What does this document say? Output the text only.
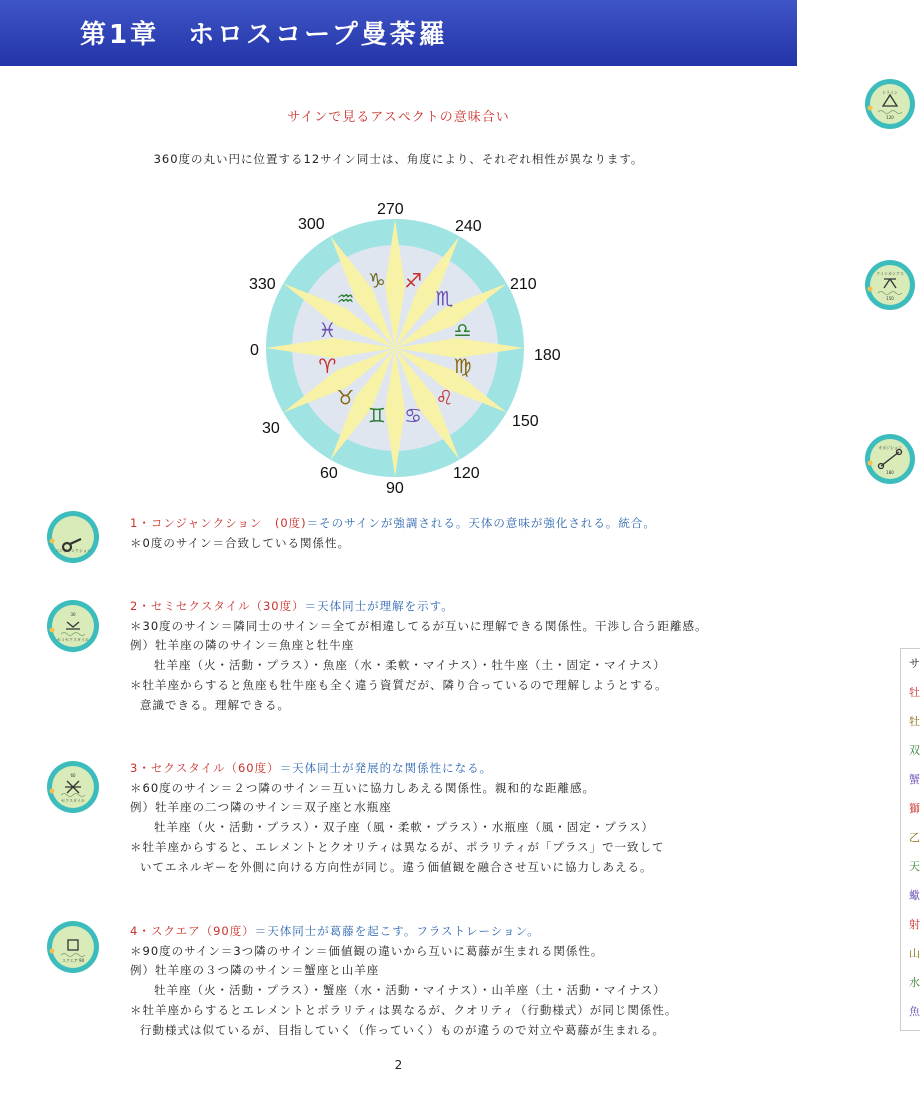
第1章　ホロスコープ曼荼羅
サインで見るアスペクトの意味合い
360度の丸い円に位置する12サイン同士は、角度により、それぞれ相性が異なります。
♑ ♐
♏
♎
♍
♌
♋
♊
♉
♈
♓
♒
270
240
210
180
150
120
90
60
30
0
330
300
コンジャンクション
1・コンジャンクション　(0度)＝そのサインが強調される。天体の意味が強化される。統合。
＊0度のサイン＝合致している関係性。
30
セミセクスタイル
2・セミセクスタイル（30度）＝天体同士が理解を示す。
＊30度のサイン＝隣同士のサイン＝全てが相違してるが互いに理解できる関係性。干渉し合う距離感。
例）牡羊座の隣のサイン＝魚座と牡牛座
牡羊座（火・活動・プラス）・魚座（水・柔軟・マイナス）・牡牛座（土・固定・マイナス）
＊牡羊座からすると魚座も牡牛座も全く違う資質だが、隣り合っているので理解しようとする。
意識できる。理解できる。
60
セクスタイル
3・セクスタイル（60度）＝天体同士が発展的な関係性になる。
＊60度のサイン＝２つ隣のサイン＝互いに協力しあえる関係性。親和的な距離感。
例）牡羊座の二つ隣のサイン＝双子座と水瓶座
牡羊座（火・活動・プラス）・双子座（風・柔軟・プラス）・水瓶座（風・固定・プラス）
＊牡羊座からすると、エレメントとクオリティは異なるが、ポラリティが「プラス」で一致して
いてエネルギーを外側に向ける方向性が同じ。違う価値観を融合させ互いに協力しあえる。
スクエア 90
4・スクエア（90度）＝天体同士が葛藤を起こす。フラストレーション。
＊90度のサイン＝3つ隣のサイン＝価値観の違いから互いに葛藤が生まれる関係性。
例）牡羊座の３つ隣のサイン＝蟹座と山羊座
牡羊座（火・活動・プラス）・蟹座（水・活動・マイナス）・山羊座（土・活動・マイナス）
＊牡羊座からするとエレメントとポラリティは異なるが、クオリティ（行動様式）が同じ関係性。
行動様式は似ているが、目指していく（作っていく）ものが違うので対立や葛藤が生まれる。
2
トライン
120
クインカンクス
150
オポジション
180
サ
牡
牡
双
蟹
獅
乙
天
蠍
射
山
水
魚
